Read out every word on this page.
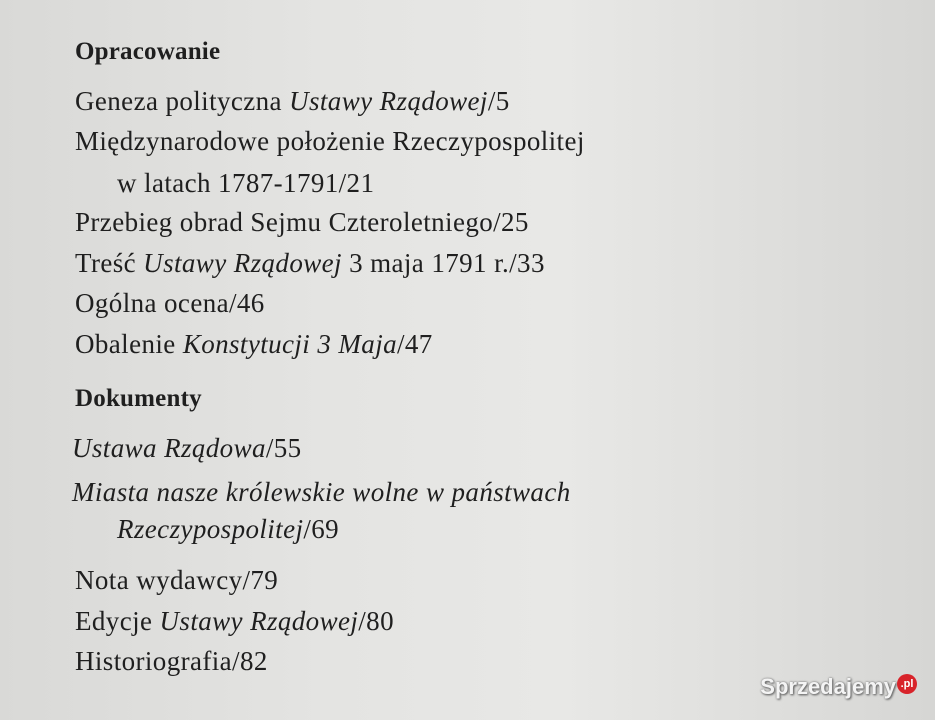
Opracowanie
Geneza polityczna Ustawy Rządowej/5
Międzynarodowe położenie Rzeczypospolitej
w latach 1787-1791/21
Przebieg obrad Sejmu Czteroletniego/25
Treść Ustawy Rządowej 3 maja 1791 r./33
Ogólna ocena/46
Obalenie Konstytucji 3 Maja/47
Dokumenty
Ustawa Rządowa/55
Miasta nasze królewskie wolne w państwach
Rzeczypospolitej/69
Nota wydawcy/79
Edycje Ustawy Rządowej/80
Historiografia/82
Sprzedajemy .pl
